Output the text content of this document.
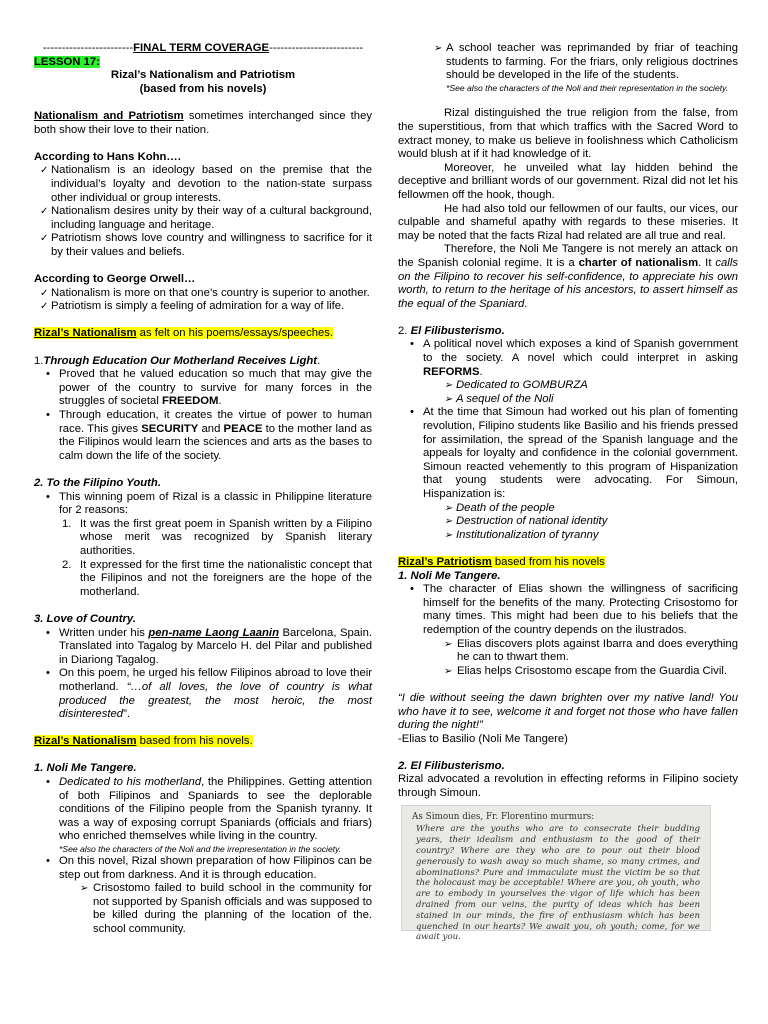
------------------------FINAL TERM COVERAGE-------------------------

LESSON 17:

Rizal’s Nationalism and Patriotism

(based from his novels)

Nationalism and Patriotism sometimes interchanged since they both show their love to their nation.

According to Hans Kohn….

✓ Nationalism is an ideology based on the premise that the individual’s loyalty and devotion to the nation-state surpass other individual or group interests.
✓ Nationalism desires unity by their way of a cultural background, including language and heritage.
✓ Patriotism shows love country and willingness to sacrifice for it by their values and beliefs.

According to George Orwell…

✓ Nationalism is more on that one’s country is superior to another.
✓ Patriotism is simply a feeling of admiration for a way of life.

Rizal’s Nationalism as felt on his poems/essays/speeches.

1.Through Education Our Motherland Receives Light.

• Proved that he valued education so much that may give the power of the country to survive for many forces in the struggles of societal FREEDOM.
• Through education, it creates the virtue of power to human race. This gives SECURITY and PEACE to the mother land as the Filipinos would learn the sciences and arts as the bases to calm down the life of the society.

2. To the Filipino Youth.

• This winning poem of Rizal is a classic in Philippine literature for 2 reasons:
1. It was the first great poem in Spanish written by a Filipino whose merit was recognized by Spanish literary authorities.
2. It expressed for the first time the nationalistic concept that the Filipinos and not the foreigners are the hope of the motherland.

3. Love of Country.

• Written under his pen-name Laong Laanin Barcelona, Spain. Translated into Tagalog by Marcelo H. del Pilar and published in Diariong Tagalog.
• On this poem, he urged his fellow Filipinos abroad to love their motherland. “…of all loves, the love of country is what produced the greatest, the most heroic, the most disinterested”.

Rizal’s Nationalism based from his novels.

1. Noli Me Tangere.

• Dedicated to his motherland, the Philippines. Getting attention of both Filipinos and Spaniards to see the deplorable conditions of the Filipino people from the Spanish tyranny. It was a way of exposing corrupt Spaniards (officials and friars) who enriched themselves while living in the country.
*See also the characters of the Noli and the irrepresentation in the society.
• On this novel, Rizal shown preparation of how Filipinos can be step out from darkness. And it is through education.
➢ Crisostomo failed to build school in the community for not supported by Spanish officials and was supposed to be killed during the planning of the location of the. school community.
➢ A school teacher was reprimanded by friar of teaching students to farming. For the friars, only religious doctrines should be developed in the life of the students.
*See also the characters of the Noli and their representation in the society.

Rizal distinguished the true religion from the false, from the superstitious, from that which traffics with the Sacred Word to extract money, to make us believe in foolishness which Catholicism would blush at if it had knowledge of it.

Moreover, he unveiled what lay hidden behind the deceptive and brilliant words of our government. Rizal did not let his fellowmen off the hook, though.

He had also told our fellowmen of our faults, our vices, our culpable and shameful apathy with regards to these miseries. It may be noted that the facts Rizal had related are all true and real.

Therefore, the Noli Me Tangere is not merely an attack on the Spanish colonial regime. It is a charter of nationalism. It calls on the Filipino to recover his self-confidence, to appreciate his own worth, to return to the heritage of his ancestors, to assert himself as the equal of the Spaniard.

2. El Filibusterismo.

• A political novel which exposes a kind of Spanish government to the society. A novel which could interpret in asking REFORMS.
➢ Dedicated to GOMBURZA
➢ A sequel of the Noli
• At the time that Simoun had worked out his plan of fomenting revolution, Filipino students like Basilio and his friends pressed for assimilation, the spread of the Spanish language and the appeals for loyalty and confidence in the colonial government. Simoun reacted vehemently to this program of Hispanization that young students were advocating. For Simoun, Hispanization is:
➢ Death of the people
➢ Destruction of national identity
➢ Institutionalization of tyranny

Rizal’s Patriotism based from his novels

1. Noli Me Tangere.

• The character of Elias shown the willingness of sacrificing himself for the benefits of the many. Protecting Crisostomo for many times. This might had been due to his beliefs that the redemption of the country depends on the ilustrados.
➢ Elias discovers plots against Ibarra and does everything he can to thwart them.
➢ Elias helps Crisostomo escape from the Guardia Civil.

“I die without seeing the dawn brighten over my native land! You who have it to see, welcome it and forget not those who have fallen during the night!”

-Elias to Basilio (Noli Me Tangere)

2. El Filibusterismo.

Rizal advocated a revolution in effecting reforms in Filipino society through Simoun.

As Simoun dies, Fr. Florentino murmurs:
Where are the youths who are to consecrate their budding years, their idealism and enthusiasm to the good of their country? Where are they who are to pour out their blood generously to wash away so much shame, so many crimes, and abominations? Pure and immaculate must the victim be so that the holocaust may be acceptable! Where are you, oh youth, who are to embody in yourselves the vigor of life which has been drained from our veins, the purity of ideas which has been stained in our minds, the fire of enthusiasm which has been quenched in our hearts? We await you, oh youth; come, for we await you.
